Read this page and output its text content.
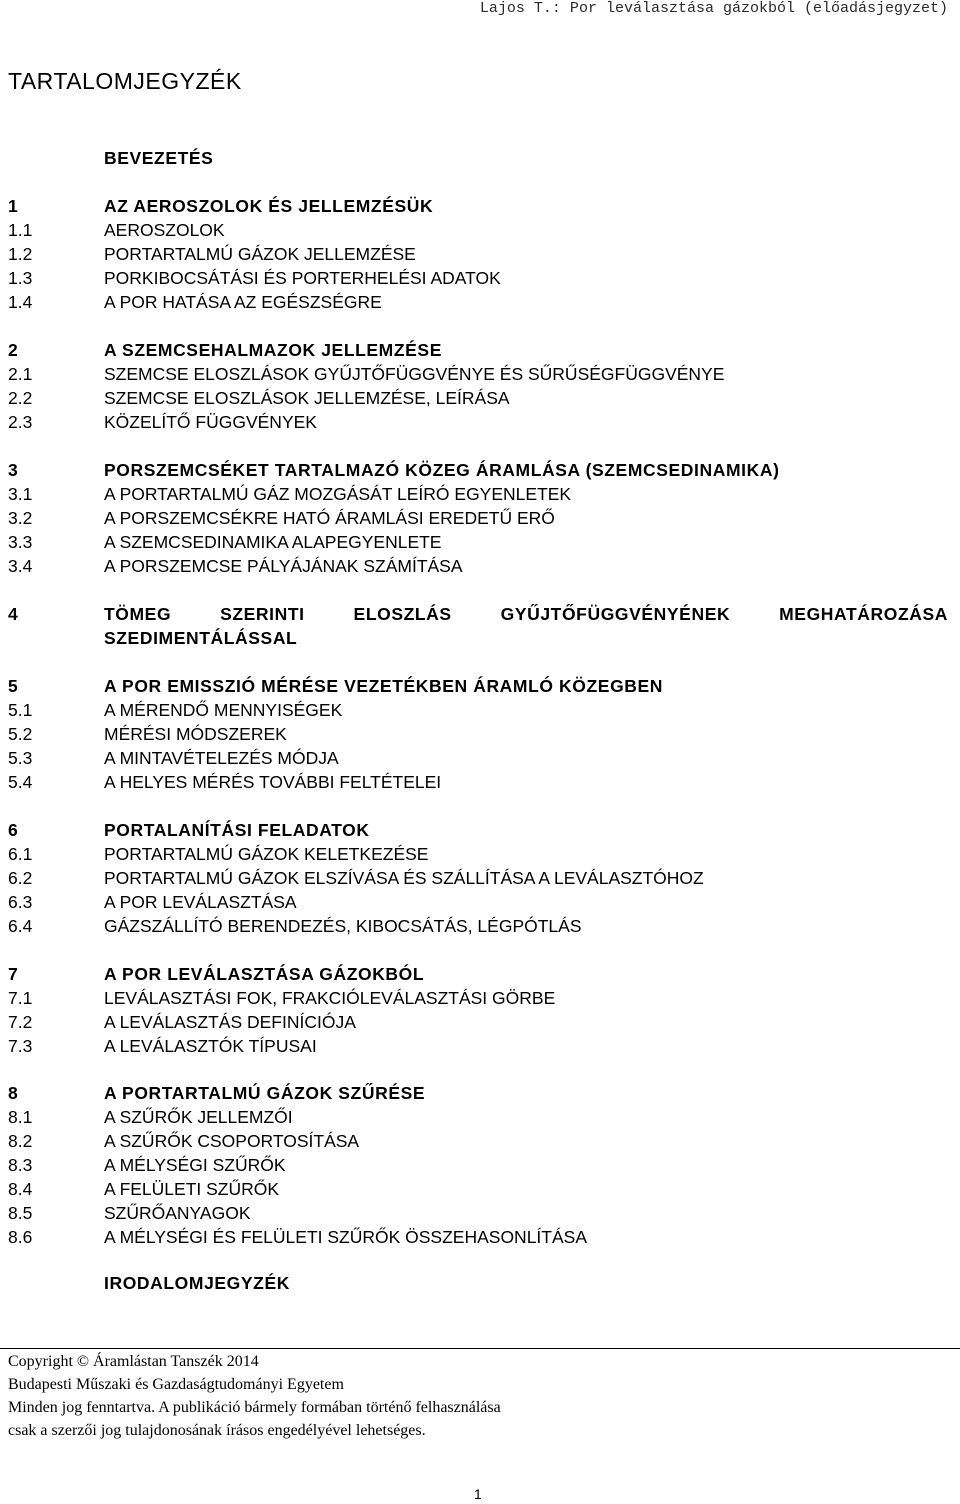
Lajos T.: Por leválasztása gázokból (előadásjegyzet)
TARTALOMJEGYZÉK
BEVEZETÉS
1	AZ AEROSZOLOK ÉS JELLEMZÉSÜK
1.1	AEROSZOLOK
1.2	PORTARTALMÚ GÁZOK JELLEMZÉSE
1.3	PORKIBOCSÁTÁSI ÉS PORTERHELÉSI ADATOK
1.4	A POR HATÁSA AZ EGÉSZSÉGRE
2	A SZEMCSEHALMAZOK JELLEMZÉSE
2.1	SZEMCSE ELOSZLÁSOK GYŰJTŐFÜGGVÉNYE ÉS SŰRŰSÉGFÜGGVÉNYE
2.2	SZEMCSE ELOSZLÁSOK JELLEMZÉSE, LEÍRÁSA
2.3	KÖZELÍTŐ FÜGGVÉNYEK
3	PORSZEMCSÉKET TARTALMAZÓ KÖZEG ÁRAMLÁSA (SZEMCSEDINAMIKA)
3.1	A PORTARTALMÚ GÁZ MOZGÁSÁT LEÍRÓ EGYENLETEK
3.2	A PORSZEMCSÉKRE HATÓ ÁRAMLÁSI EREDETŰ ERŐ
3.3	A SZEMCSEDINAMIKA ALAPEGYENLETE
3.4	A PORSZEMCSE PÁLYÁJÁNAK SZÁMÍTÁSA
4	TÖMEG SZERINTI ELOSZLÁS GYŰJTŐFÜGGVÉNYÉNEK MEGHATÁROZÁSA
SZEDIMENTÁLÁSSAL
5	A POR EMISSZIÓ MÉRÉSE VEZETÉKBEN ÁRAMLÓ KÖZEGBEN
5.1	A MÉRENDŐ MENNYISÉGEK
5.2	MÉRÉSI MÓDSZEREK
5.3	A MINTAVÉTELEZÉS MÓDJA
5.4	A HELYES MÉRÉS TOVÁBBI FELTÉTELEI
6	PORTALANÍTÁSI FELADATOK
6.1	PORTARTALMÚ GÁZOK KELETKEZÉSE
6.2	PORTARTALMÚ GÁZOK ELSZÍVÁSA ÉS SZÁLLÍTÁSA A LEVÁLASZTÓHOZ
6.3	A POR LEVÁLASZTÁSA
6.4	GÁZSZÁLLÍTÓ BERENDEZÉS, KIBOCSÁTÁS, LÉGPÓTLÁS
7	A POR LEVÁLASZTÁSA GÁZOKBÓL
7.1	LEVÁLASZTÁSI FOK, FRAKCIÓLEVÁLASZTÁSI GÖRBE
7.2	A LEVÁLASZTÁS DEFINÍCIÓJA
7.3	A LEVÁLASZTÓK TÍPUSAI
8	A PORTARTALMÚ GÁZOK SZŰRÉSE
8.1	A SZŰRŐK JELLEMZŐI
8.2	A SZŰRŐK CSOPORTOSÍTÁSA
8.3	A MÉLYSÉGI SZŰRŐK
8.4	A FELÜLETI SZŰRŐK
8.5	SZŰRŐANYAGOK
8.6	A MÉLYSÉGI ÉS FELÜLETI SZŰRŐK ÖSSZEHASONLÍTÁSA
IRODALOMJEGYZÉK
Copyright © Áramlástan Tanszék 2014
Budapesti Műszaki és Gazdaságtudományi Egyetem
Minden jog fenntartva. A publikáció bármely formában történő felhasználása
csak a szerzői jog tulajdonosának írásos engedélyével lehetséges.
1
